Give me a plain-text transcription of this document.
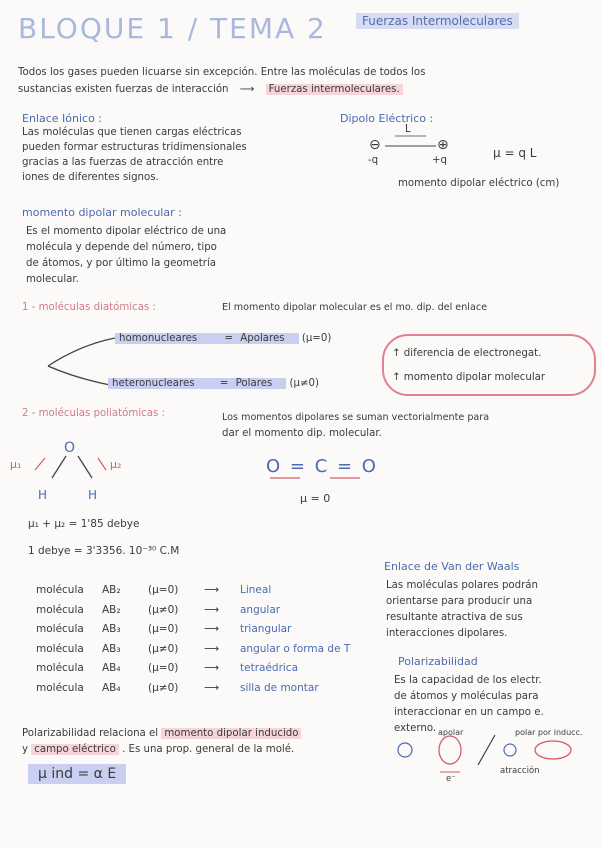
BLOQUE 1 / TEMA 2	Fuerzas Intermoleculares
Todos los gases pueden licuarse sin excepción. Entre las moléculas de todos los
sustancias existen fuerzas de interacción ⟶ Fuerzas intermoleculares.
Enlace Iónico :
Las moléculas que tienen cargas eléctricas
pueden formar estructuras tridimensionales
gracias a las fuerzas de atracción entre
iones de diferentes signos.
Dipolo Eléctrico :
⊖	⊕
L
-q	+q
μ = q L
momento dipolar eléctrico (cm)
momento dipolar molecular :
Es el momento dipolar eléctrico de una
molécula y depende del número, tipo
de átomos, y por último la geometría
molecular.
1 - moléculas diatómicas :	El momento dipolar molecular es el mo. dip. del enlace
homonucleares	= Apolares (μ=0)
heteronucleares = Polares (μ≠0)
↑ diferencia de electronegat.
↑ momento dipolar molecular
2 - moléculas poliatómicas :	Los momentos dipolares se suman vectorialmente para
dar el momento dip. molecular.
O
H	H
μ₁	μ₂	O = C = O
μ = 0
μ₁ + μ₂ = 1'85 debye
1 debye = 3'3356. 10⁻³⁰ C.M
molécula AB₂	(μ=0) ⟶ Lineal
molécula AB₂	(μ≠0) ⟶ angular
molécula AB₃	(μ=0) ⟶ triangular
molécula AB₃	(μ≠0) ⟶ angular o forma de T
molécula AB₄	(μ=0) ⟶ tetraédrica
molécula AB₄	(μ≠0) ⟶ silla de montar
Enlace de Van der Waals
Las moléculas polares podrán
orientarse para producir una
resultante atractiva de sus
interacciones dipolares.
Polarizabilidad
Es la capacidad de los electr.
de átomos y moléculas para
interaccionar en un campo e.
externo. apolar	polar por inducc.
atracción
e⁻
Polarizabilidad relaciona el momento dipolar inducido
y campo eléctrico . Es una prop. general de la molé.
μ ind = α E
